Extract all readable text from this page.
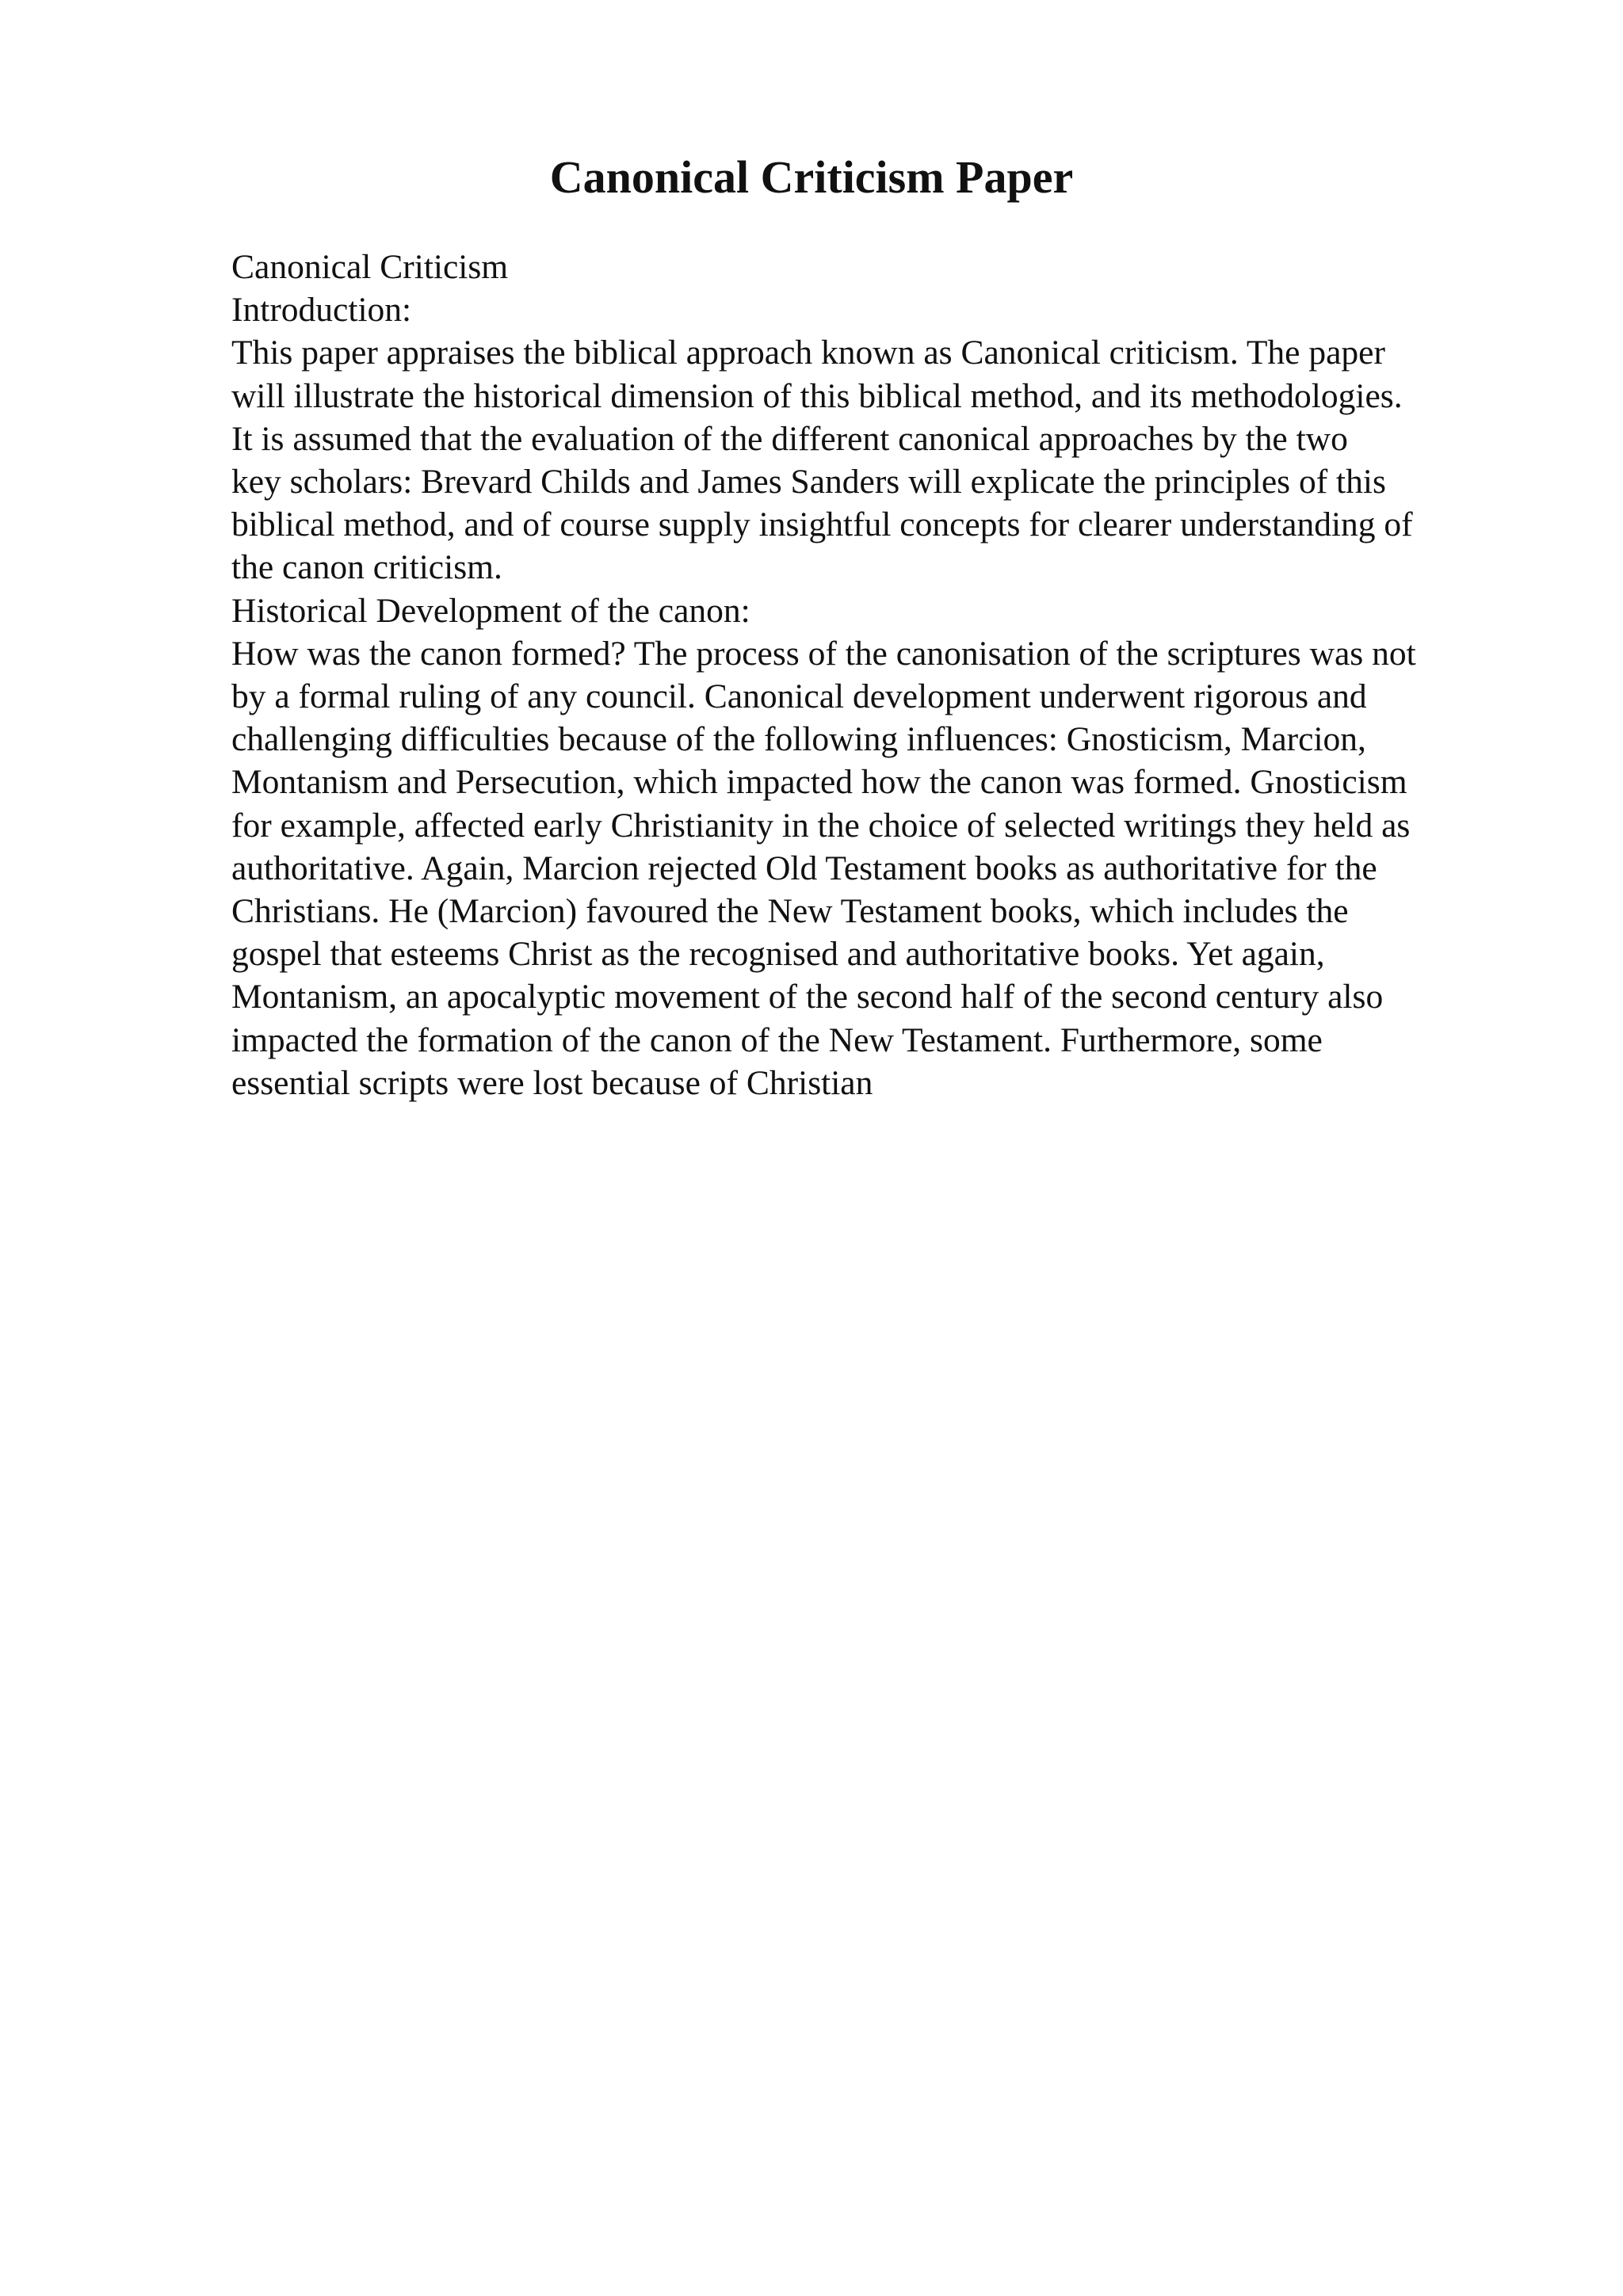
Canonical Criticism Paper
Canonical Criticism
Introduction:
This paper appraises the biblical approach known as Canonical criticism. The paper
will illustrate the historical dimension of this biblical method, and its methodologies.
It is assumed that the evaluation of the different canonical approaches by the two
key scholars: Brevard Childs and James Sanders will explicate the principles of this
biblical method, and of course supply insightful concepts for clearer understanding of
the canon criticism.
Historical Development of the canon:
How was the canon formed? The process of the canonisation of the scriptures was not
by a formal ruling of any council. Canonical development underwent rigorous and
challenging difficulties because of the following influences: Gnosticism, Marcion,
Montanism and Persecution, which impacted how the canon was formed. Gnosticism
for example, affected early Christianity in the choice of selected writings they held as
authoritative. Again, Marcion rejected Old Testament books as authoritative for the
Christians. He (Marcion) favoured the New Testament books, which includes the
gospel that esteems Christ as the recognised and authoritative books. Yet again,
Montanism, an apocalyptic movement of the second half of the second century also
impacted the formation of the canon of the New Testament. Furthermore, some
essential scripts were lost because of Christian
